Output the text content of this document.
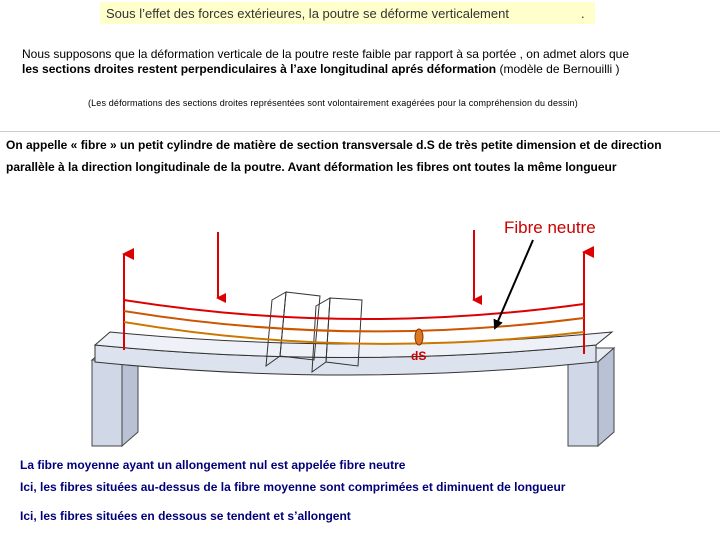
Sous l’effet des forces extérieures, la poutre se déforme verticalement	.
Nous supposons que la déformation verticale de la poutre reste faible par rapport à sa portée , on admet alors que
les sections droites restent perpendiculaires à l’axe longitudinal aprés déformation (modèle de Bernouilli )
(Les déformations des sections droites représentées sont volontairement exagérées pour la compréhension du dessin)
On appelle « fibre » un petit cylindre de matière de section transversale d.S de très petite dimension et de direction
parallèle à la direction longitudinale de la poutre. Avant déformation les fibres ont toutes la même longueur
Fibre neutre
dS
La fibre moyenne ayant un allongement nul est appelée fibre neutre
Ici, les fibres situées au-dessus de la fibre moyenne sont comprimées et diminuent de longueur
Ici, les fibres situées en dessous se tendent et s’allongent
